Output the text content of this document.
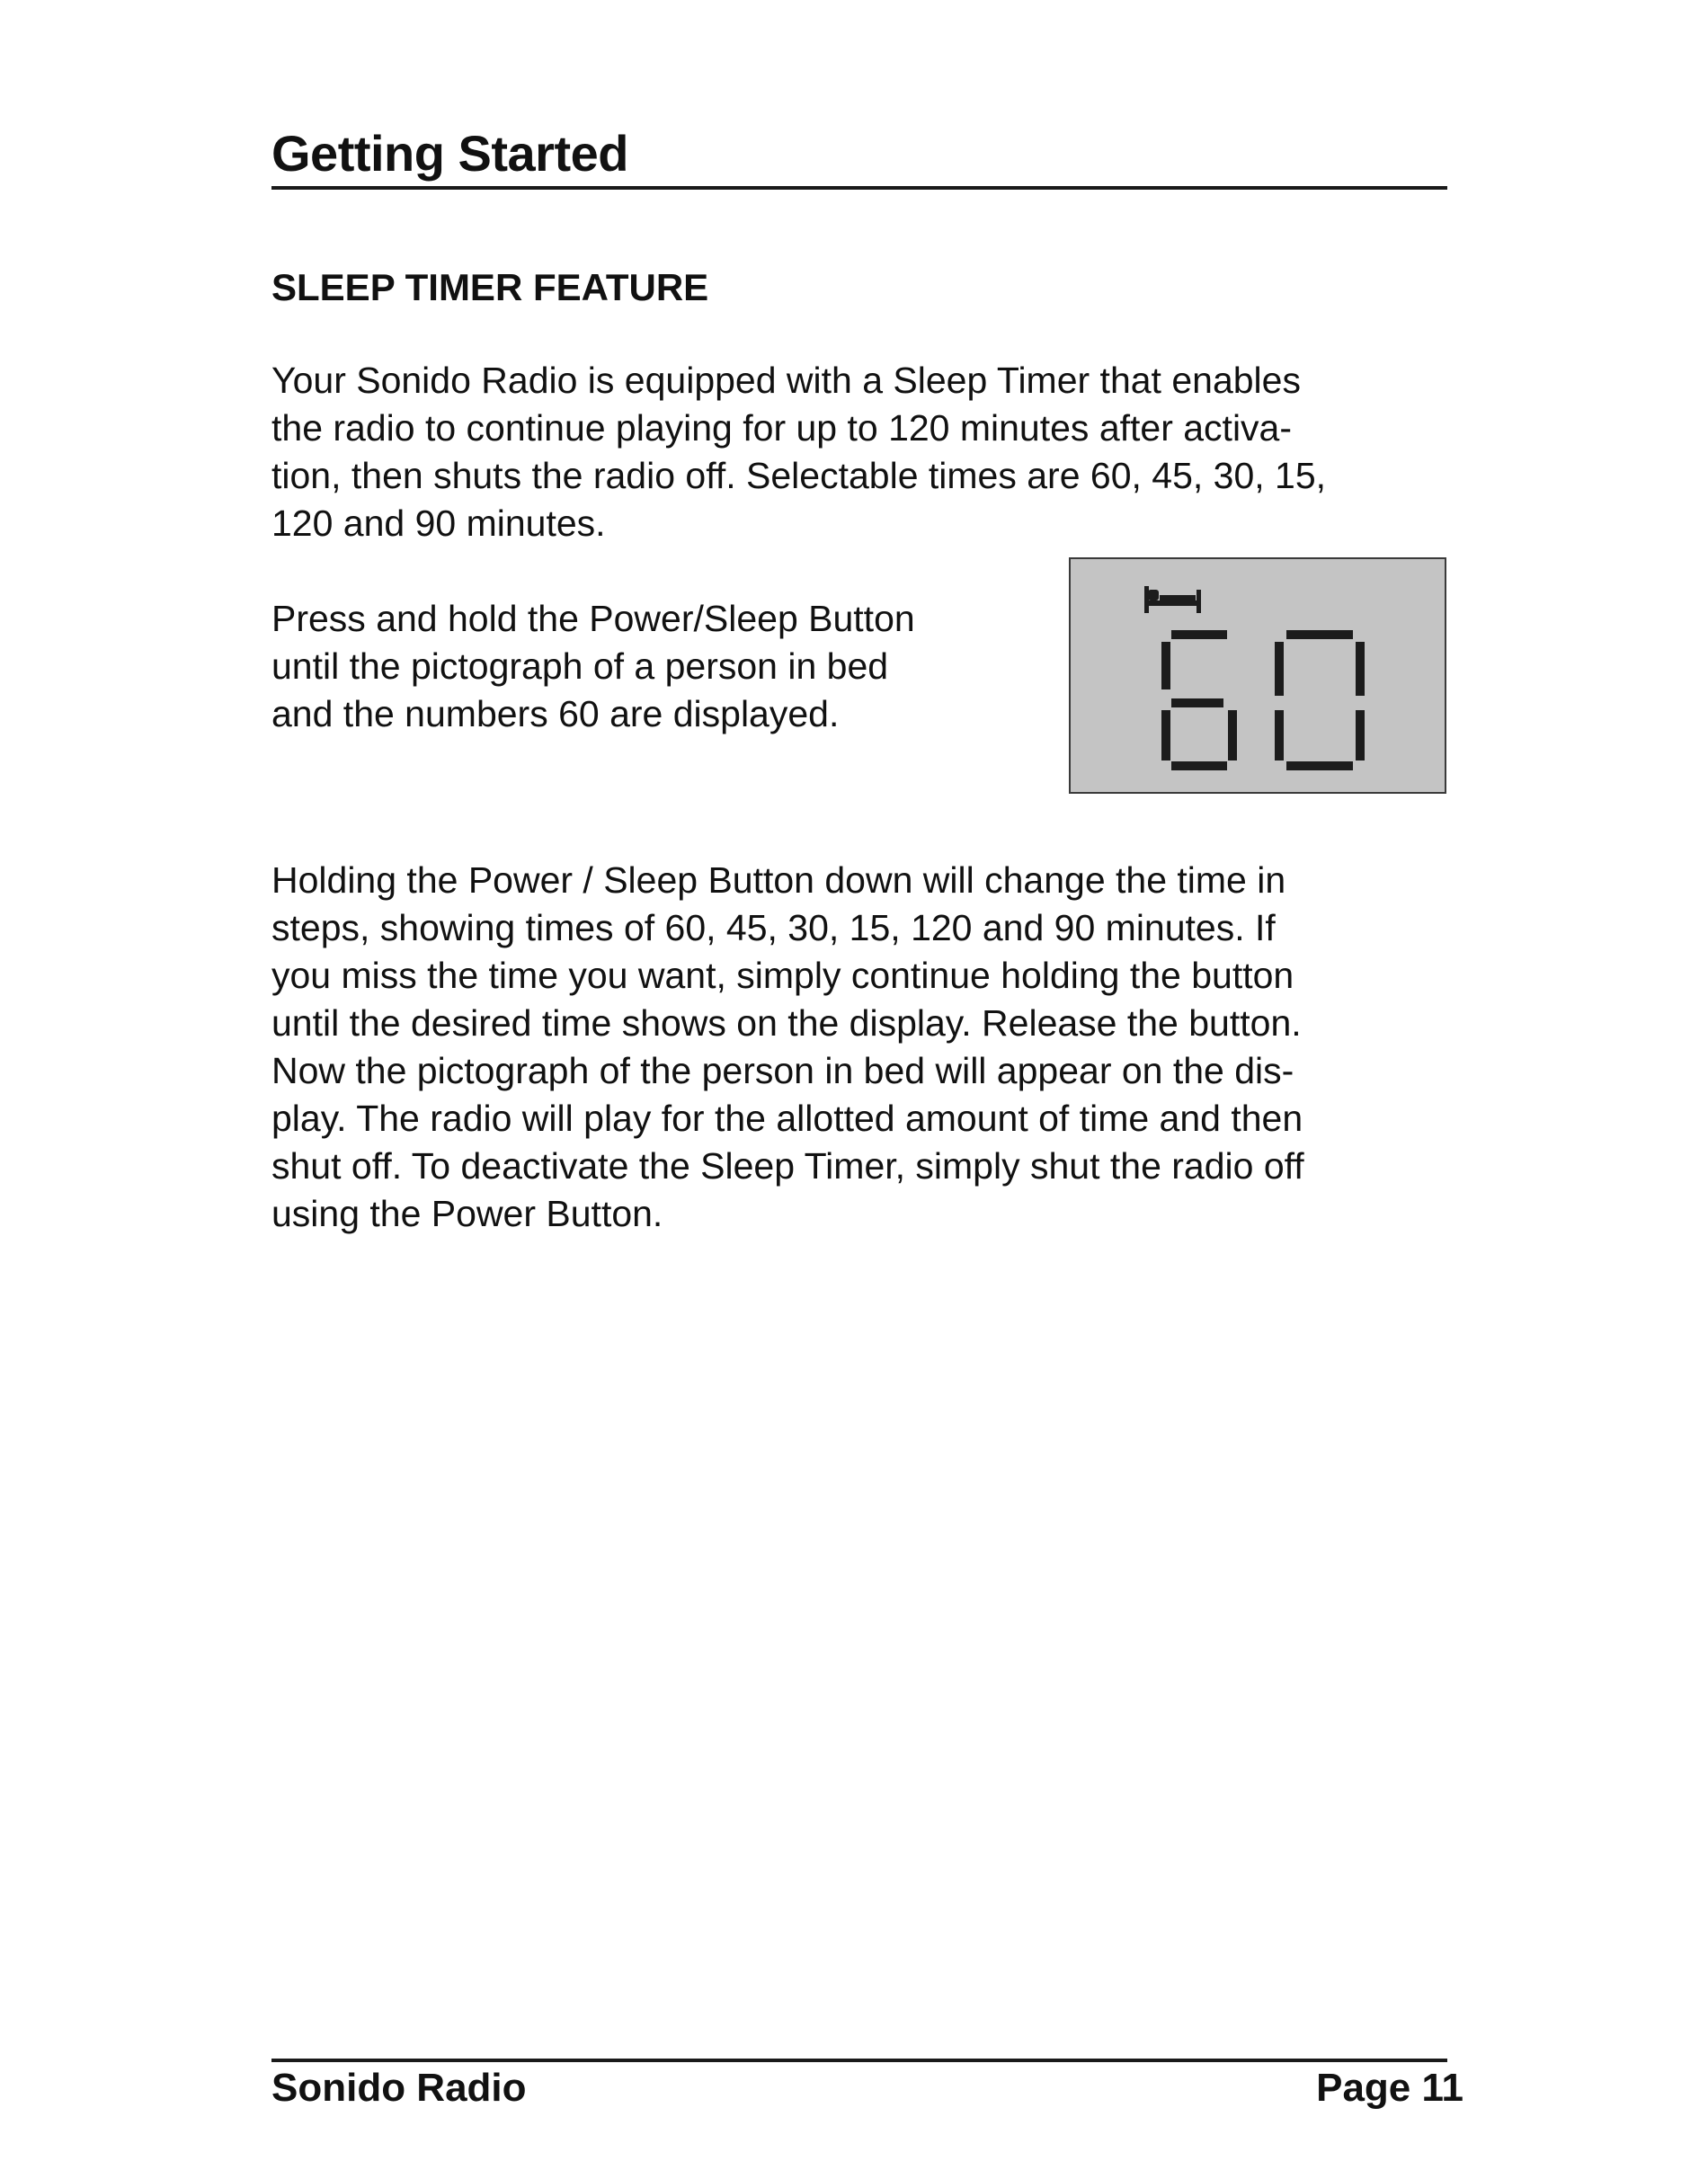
Getting Started
SLEEP TIMER FEATURE

Your Sonido Radio is equipped with a Sleep Timer that enables
the radio to continue playing for up to 120 minutes after activa-
tion, then shuts the radio off. Selectable times are 60, 45, 30, 15,
120 and 90 minutes.

Press and hold the Power/Sleep Button
until the pictograph of a person in bed
and the numbers 60 are displayed.

Holding the Power / Sleep Button down will change the time in
steps, showing times of 60, 45, 30, 15, 120 and 90 minutes. If
you miss the time you want, simply continue holding the button
until the desired time shows on the display. Release the button.
Now the pictograph of the person in bed will appear on the dis-
play. The radio will play for the allotted amount of time and then
shut off. To deactivate the Sleep Timer, simply shut the radio off
using the Power Button.

Sonido Radio	Page 11
